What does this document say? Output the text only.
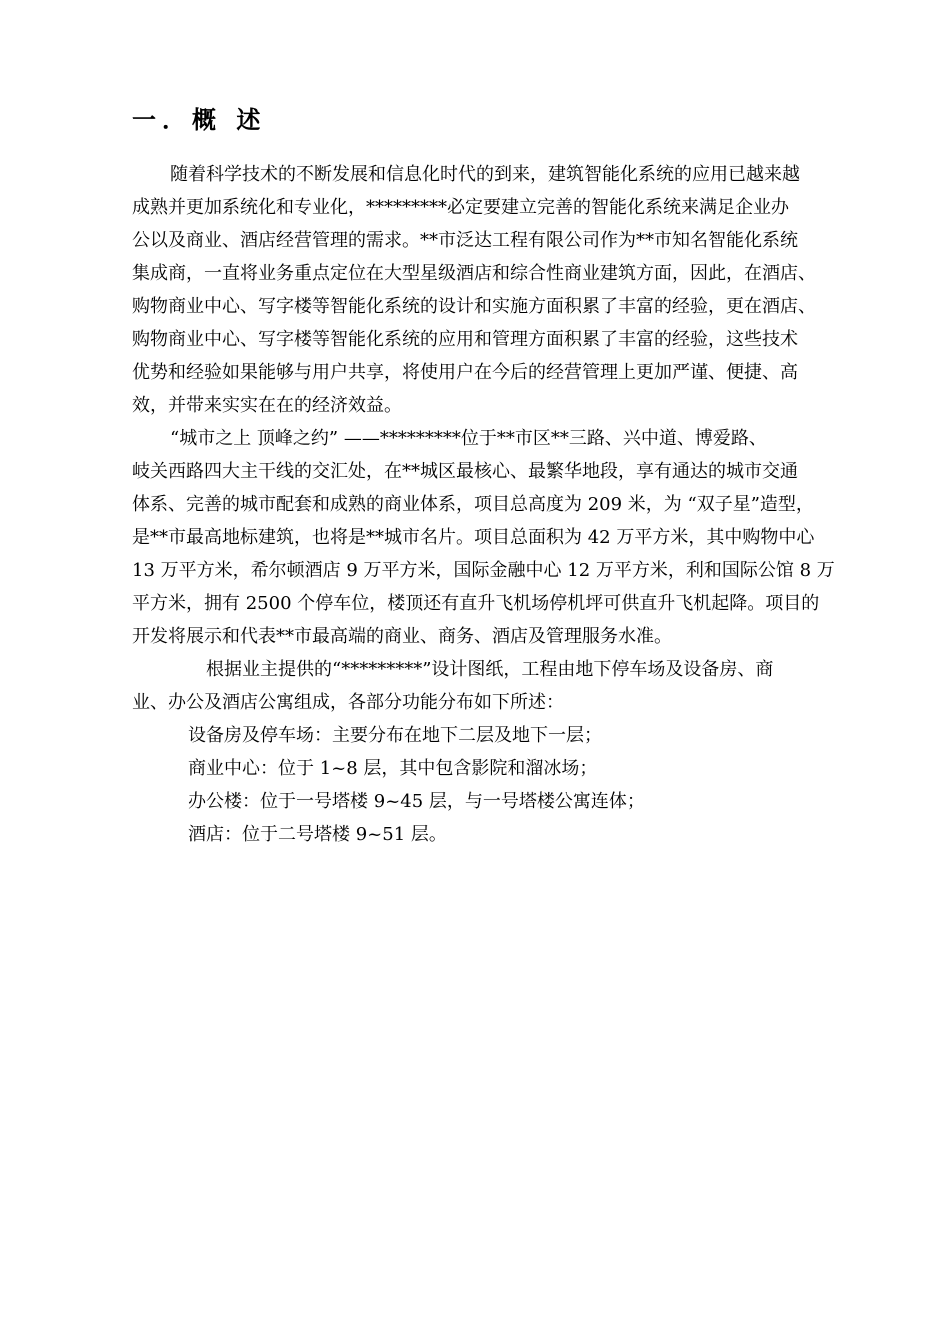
一．概 述
随着科学技术的不断发展和信息化时代的到来，建筑智能化系统的应用已越来越
成熟并更加系统化和专业化，*********必定要建立完善的智能化系统来满足企业办
公以及商业、酒店经营管理的需求。**市泛达工程有限公司作为**市知名智能化系统
集成商，一直将业务重点定位在大型星级酒店和综合性商业建筑方面，因此，在酒店、
购物商业中心、写字楼等智能化系统的设计和实施方面积累了丰富的经验，更在酒店、
购物商业中心、写字楼等智能化系统的应用和管理方面积累了丰富的经验，这些技术
优势和经验如果能够与用户共享，将使用户在今后的经营管理上更加严谨、便捷、高
效，并带来实实在在的经济效益。
“城市之上 顶峰之约” ——*********位于**市区**三路、兴中道、博爱路、
岐关西路四大主干线的交汇处，在**城区最核心、最繁华地段，享有通达的城市交通
体系、完善的城市配套和成熟的商业体系，项目总高度为 209 米，为 “双子星”造型，
是**市最高地标建筑，也将是**城市名片。项目总面积为 42 万平方米，其中购物中心
13 万平方米，希尔顿酒店 9 万平方米，国际金融中心 12 万平方米，利和国际公馆 8 万
平方米，拥有 2500 个停车位，楼顶还有直升飞机场停机坪可供直升飞机起降。项目的
开发将展示和代表**市最高端的商业、商务、酒店及管理服务水准。
根据业主提供的“*********”设计图纸，工程由地下停车场及设备房、商
业、办公及酒店公寓组成，各部分功能分布如下所述：
设备房及停车场：主要分布在地下二层及地下一层；
商业中心：位于 1~8 层，其中包含影院和溜冰场；
办公楼：位于一号塔楼 9~45 层，与一号塔楼公寓连体；
酒店：位于二号塔楼 9~51 层。
